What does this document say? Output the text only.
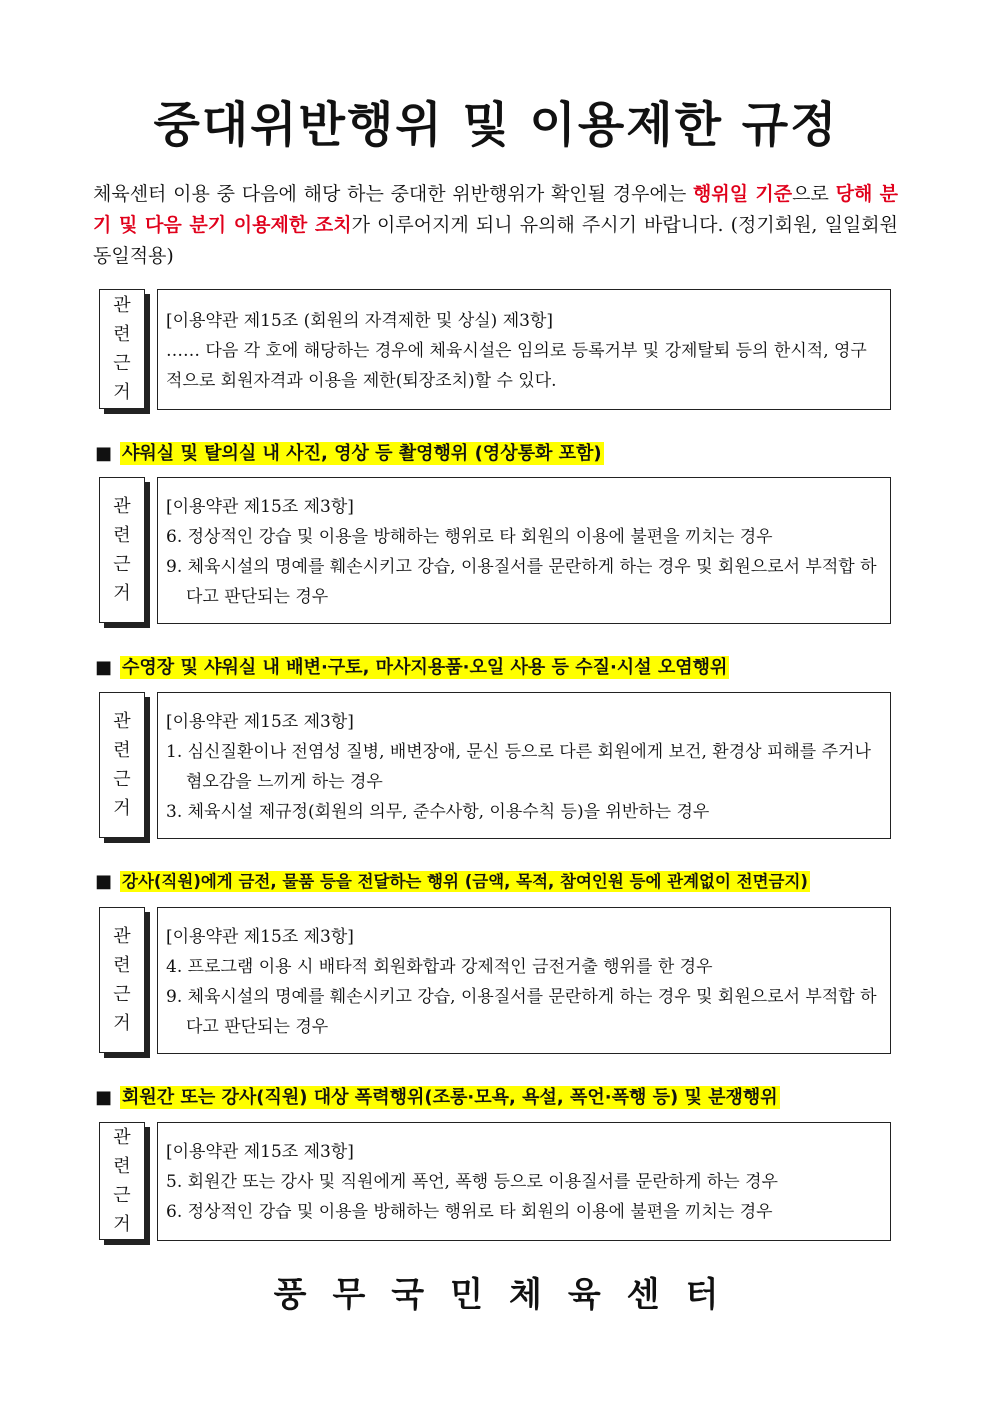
중대위반행위 및 이용제한 규정
체육센터 이용 중 다음에 해당 하는 중대한 위반행위가 확인될 경우에는 행위일 기준으로 당해 분기 및 다음 분기 이용제한 조치가 이루어지게 되니 유의해 주시기 바랍니다. (정기회원, 일일회원 동일적용)
관
련
근
거
[이용약관 제15조 (회원의 자격제한 및 상실) 제3항]
…… 다음 각 호에 해당하는 경우에 체육시설은 임의로 등록거부 및 강제탈퇴 등의 한시적, 영구적으로 회원자격과 이용을 제한(퇴장조치)할 수 있다.
■ 샤워실 및 탈의실 내 사진, 영상 등 촬영행위 (영상통화 포함)
관
련
근
거
[이용약관 제15조 제3항]
6. 정상적인 강습 및 이용을 방해하는 행위로 타 회원의 이용에 불편을 끼치는 경우
9. 체육시설의 명예를 훼손시키고 강습, 이용질서를 문란하게 하는 경우 및 회원으로서 부적합 하다고 판단되는 경우
■ 수영장 및 샤워실 내 배변·구토, 마사지용품·오일 사용 등 수질·시설 오염행위
관
련
근
거
[이용약관 제15조 제3항]
1. 심신질환이나 전염성 질병, 배변장애, 문신 등으로 다른 회원에게 보건, 환경상 피해를 주거나 혐오감을 느끼게 하는 경우
3. 체육시설 제규정(회원의 의무, 준수사항, 이용수칙 등)을 위반하는 경우
■ 강사(직원)에게 금전, 물품 등을 전달하는 행위 (금액, 목적, 참여인원 등에 관계없이 전면금지)
관
련
근
거
[이용약관 제15조 제3항]
4. 프로그램 이용 시 배타적 회원화합과 강제적인 금전거출 행위를 한 경우
9. 체육시설의 명예를 훼손시키고 강습, 이용질서를 문란하게 하는 경우 및 회원으로서 부적합 하다고 판단되는 경우
■ 회원간 또는 강사(직원) 대상 폭력행위(조롱·모욕, 욕설, 폭언·폭행 등) 및 분쟁행위
관
련
근
거
[이용약관 제15조 제3항]
5. 회원간 또는 강사 및 직원에게 폭언, 폭행 등으로 이용질서를 문란하게 하는 경우
6. 정상적인 강습 및 이용을 방해하는 행위로 타 회원의 이용에 불편을 끼치는 경우
풍무국민체육센터
